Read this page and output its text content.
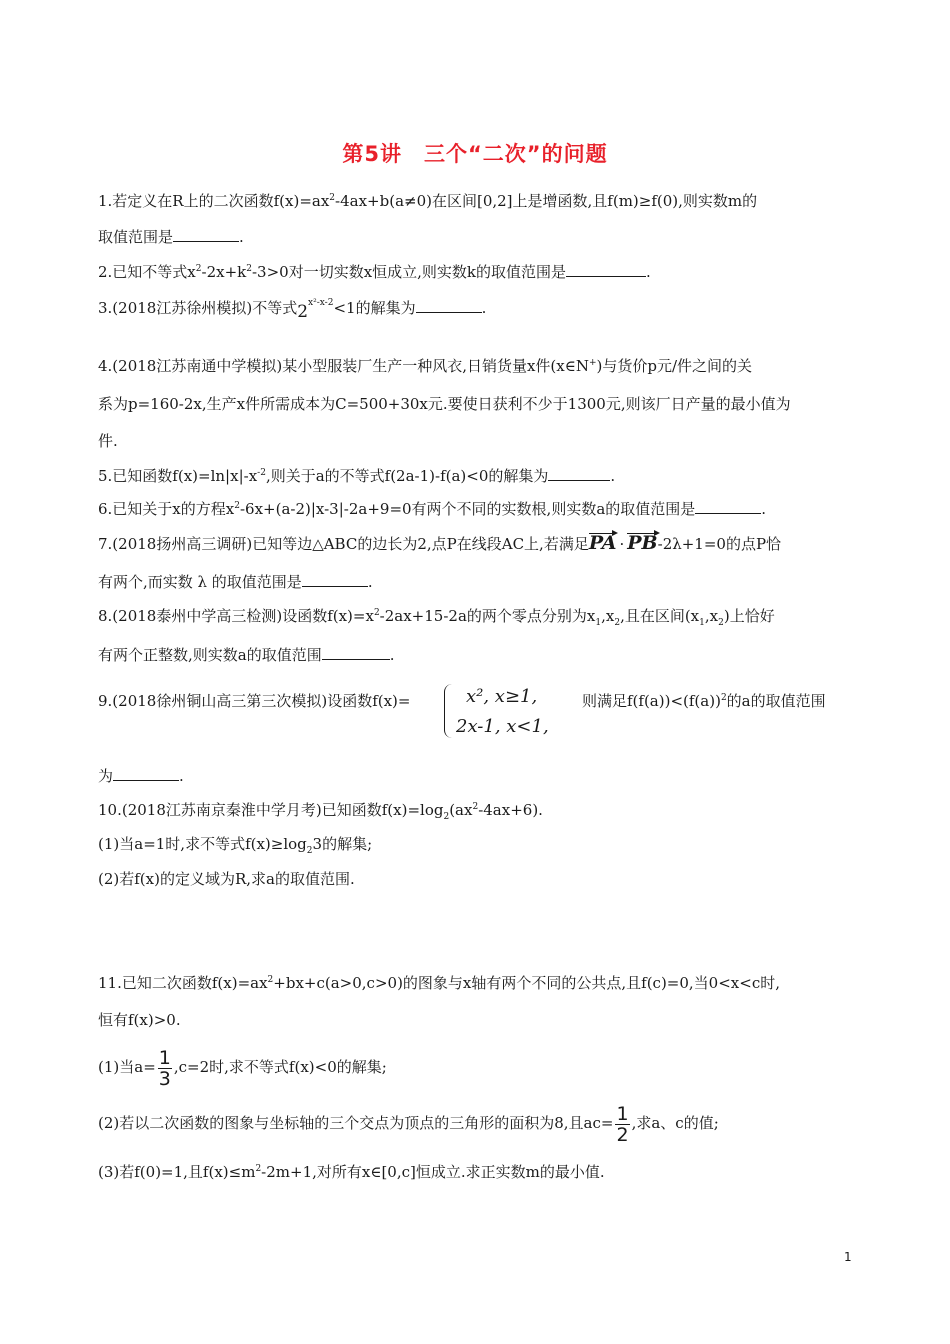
第5讲　三个“二次”的问题
1.若定义在R上的二次函数$f(x)=ax^2-4ax+b(a\ne 0)$在区间[0,2]上是增函数,且f(m)≥f(0),则实数m的
取值范围是	.
2.已知不等式$x^2-2x+k^2-3>0$对一切实数x恒成立,则实数k的取值范围是	.
3.(2018江苏徐州模拟)不等式$2^{x^2-x-2}<1$的解集为	.
4.(2018江苏南通中学模拟)某小型服装厂生产一种风衣,日销货量x件(x∈N+)与货价p元/件之间的关
系为p=160-2x,生产x件所需成本为C=500+30x元.要使日获利不少于1300元,则该厂日产量的最小值为
件.
5.已知函数$f(x)=\ln|x|-x^{-2}$,则关于a的不等式f(2a-1)-f(a)<0的解集为	.
6.已知关于x的方程$x^2-6x+(a-2)|x-3|-2a+9=0$有两个不同的实数根,则实数a的取值范围是	.
7.(2018扬州高三调研)已知等边△ABC的边长为2,点P在线段AC上,若满足PA · PB-2λ+1=0的点P恰
有两个,而实数 λ 的取值范围是	.
8.(2018泰州中学高三检测)设函数$f(x)=x^2-2ax+15-2a$的两个零点分别为$x_1,x_2$,且在区间$(x_1,x_2)$上恰好
有两个正整数,则实数a的取值范围	.
9.(2018徐州铜山高三第三次模拟)设函数f(x)=	x², x≥1,
2x-1, x<1,
则满足$f(f(a))<(f(a))^2$的a的取值范围
为	.
10.(2018江苏南京秦淮中学月考)已知函数$f(x)=\log_2(ax^2-4ax+6)$.
(1)当a=1时,求不等式$f(x)\ge\log_23$的解集;
(2)若f(x)的定义域为R,求a的取值范围.
11.已知二次函数$f(x)=ax^2+bx+c(a>0,c>0)$的图象与x轴有两个不同的公共点,且f(c)=0,当0<x<c时,
恒有f(x)>0.
(1)当$a= \frac{1}{3} ,c=2$时,求不等式f(x)<0的解集;
(2)若以二次函数的图象与坐标轴的三个交点为顶点的三角形的面积为8,且$ac= \frac{1}{2}$ ,求a、c的值;
(3)若f(0)=1,且$f(x)\le m^2-2m+1$,对所有x∈[0,c]恒成立.求正实数m的最小值.
1
